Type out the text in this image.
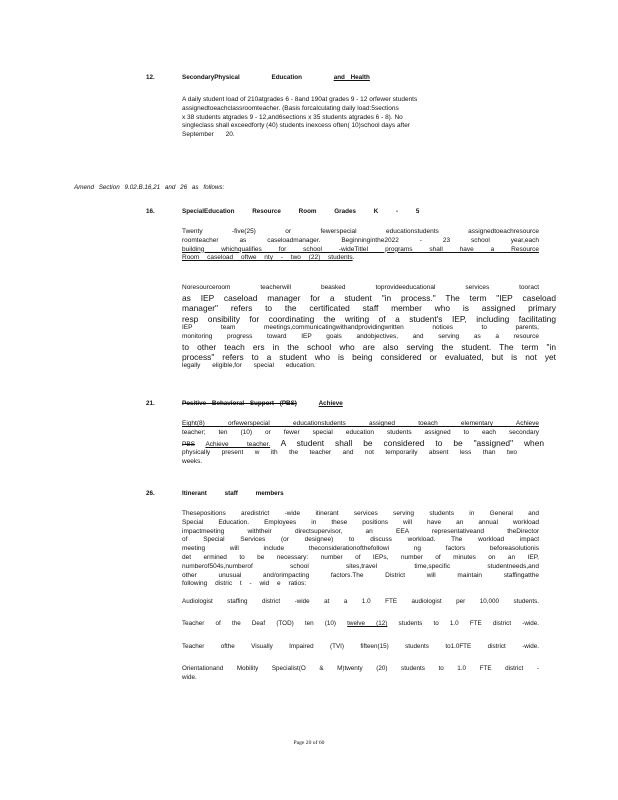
12.	SecondaryPhysical Education	and Health
A daily student load of 210atgrades 6 - 8and 190at grades 9 - 12 orfewer students
assignedtoeachclassroomteacher. (Basis forcalculating daily load:5sections
x 38 students atgrades 9 - 12,and6sections x 35 students atgrades 6 - 8). No
singleclass shall exceedforty (40) students inexcess often( 10)school days after
September 20.
Amend Section 9.02.B.16,21 and 26 as follows:
16.	SpecialEducation Resource Room Grades K - 5
Twenty -five(25) or fewerspecial educationstudents assignedtoeachresource
roomteacher as caseloadmanager. Beginninginthe2022 - 23 school year,each
building whichqualifies for school -wideTitleI programs shall have a Resource
Room caseload oftwe nty - two (22) students.
Noresourceroom teacherwill beasked toprovideeducational services tooract
as IEP caseload manager for a student "in process." The term "IEP caseload
manager" refers to the certificated staff member who is assigned primary
resp onsibility for coordinating the writing of a student's IEP, including facilitating
IEP team meetings,communicatingwithandprovidingwritten notices to parents,
monitoring progress toward IEP goals andobjectives, and serving as a resource
to other teach ers in the school who are also serving the student. The term "in
process" refers to a student who is being considered or evaluated, but is not yet
legally eligible,for special education.
21.	Positive Behavioral Support (PBS)	Achieve
Eight(8) orfewerspecial educationstudents assigned toeach elementary Achieve
teacher; ten (10) or fewer special education students assigned to each secondary
PBS Achieve teacher. A student shall be considered to be "assigned" when
physically present w ith the teacher and not temporarily absent less than two
weeks.
26.	Itinerant staff members
Thesepositions aredistrict -wide itinerant services serving students in General and
Special Education. Employees in these positions will have an annual workload
impactmeeting withtheir directsupervisor, an EEA representativeand theDirector
of Special Services (or designee) to discuss workload. The workload impact
meeting will include theconsiderationofthefollowi ng factors beforeasolutionis
det ermined to be necessary: number of IEPs, number of minutes on an IEP,
numberof504s,numberof school sites,travel time,specific studentneeds,and
other unusual and/orimpacting factors.The District will maintain staffingatthe
following distric t - wid e ratios:

Audiologist staffing district -wide at a 1.0 FTE audiologist per 10,000 students.

Teacher of the Deaf (TOD) ten (10) twelve (12) students to 1.0 FTE district -wide.

Teacher ofthe Visually Impaired (TVI) fifteen(15) students to1.0FTE district -wide.

Orientationand Mobility Specialist(O & M)twenty (20) students to 1.0 FTE district -
wide.

Page 20 of 60
